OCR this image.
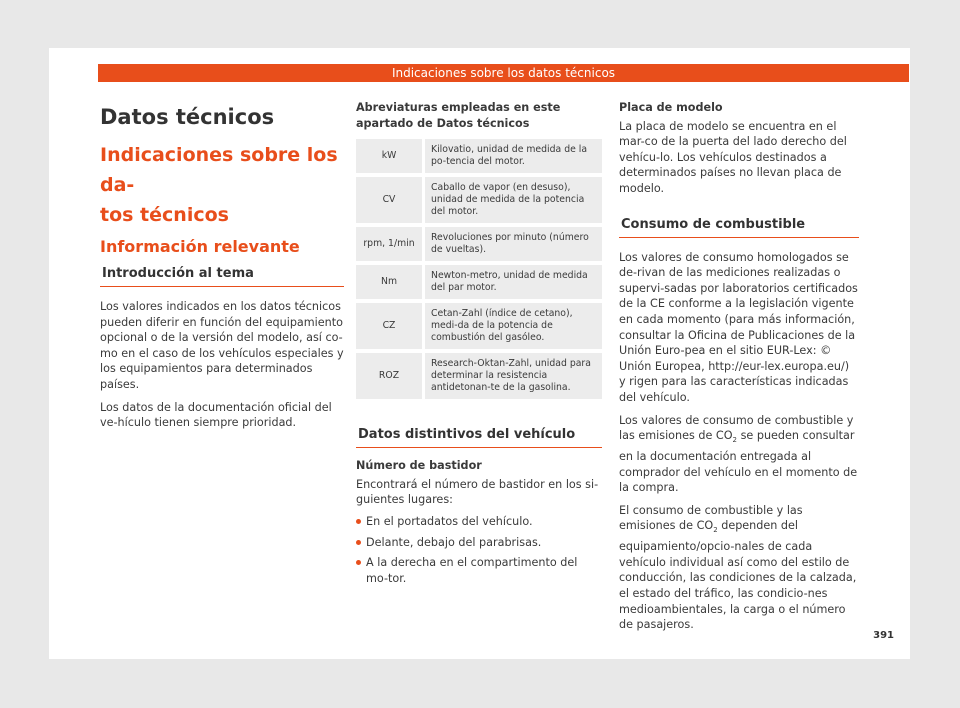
Indicaciones sobre los datos técnicos
Datos técnicos
Indicaciones sobre los da-
tos técnicos
Información relevante
Introducción al tema

Los valores indicados en los datos técnicos pueden diferir en función del equipamiento opcional o de la versión del modelo, así co-mo en el caso de los vehículos especiales y los equipamientos para determinados países.

Los datos de la documentación oficial del ve-hículo tienen siempre prioridad.

Abreviaturas empleadas en este apartado de Datos técnicos

kW	Kilovatio, unidad de medida de la po-tencia del motor.
CV	Caballo de vapor (en desuso), unidad de medida de la potencia del motor.
rpm, 1/min	Revoluciones por minuto (número de vueltas).
Nm	Newton-metro, unidad de medida del par motor.
CZ	Cetan-Zahl (índice de cetano), medi-da de la potencia de combustión del gasóleo.
ROZ	Research-Oktan-Zahl, unidad para determinar la resistencia antidetonan-te de la gasolina.
Datos distintivos del vehículo

Número de bastidor

Encontrará el número de bastidor en los si-guientes lugares:

En el portadatos del vehículo.
Delante, debajo del parabrisas.
A la derecha en el compartimento del mo-tor.

Placa de modelo

La placa de modelo se encuentra en el mar-co de la puerta del lado derecho del vehícu-lo. Los vehículos destinados a determinados países no llevan placa de modelo.

Consumo de combustible

Los valores de consumo homologados se de-rivan de las mediciones realizadas o supervi-sadas por laboratorios certificados de la CE conforme a la legislación vigente en cada momento (para más información, consultar la Oficina de Publicaciones de la Unión Euro-pea en el sitio EUR-Lex: © Unión Europea, http://eur-lex.europa.eu/) y rigen para las características indicadas del vehículo.

Los valores de consumo de combustible y las emisiones de $CO_2$ se pueden consultar en la documentación entregada al comprador del vehículo en el momento de la compra.

El consumo de combustible y las emisiones de $CO_2$ dependen del equipamiento/opcio-nales de cada vehículo individual así como del estilo de conducción, las condiciones de la calzada, el estado del tráfico, las condicio-nes medioambientales, la carga o el número de pasajeros.

391
